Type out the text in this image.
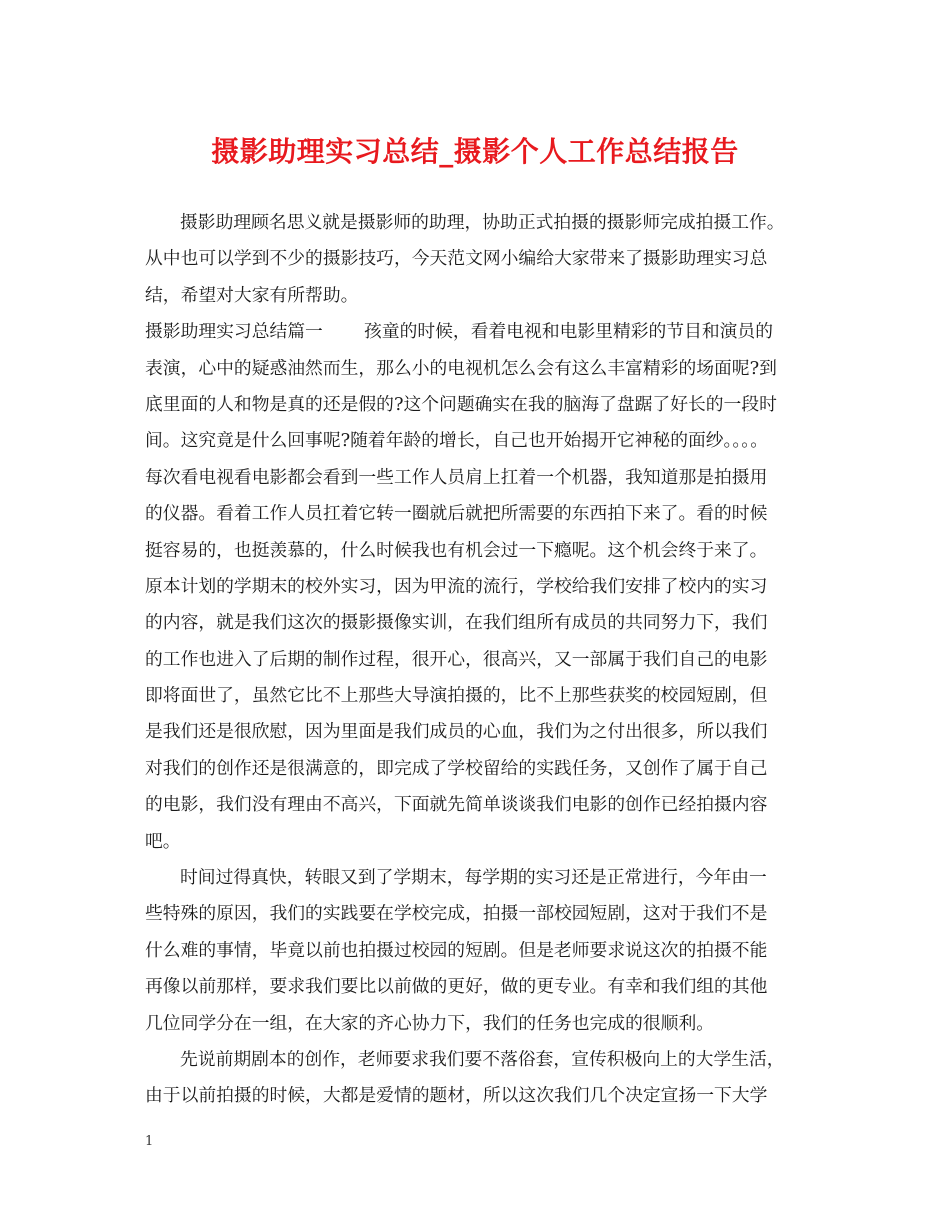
摄影助理实习总结_摄影个人工作总结报告
摄影助理顾名思义就是摄影师的助理，协助正式拍摄的摄影师完成拍摄工作。
从中也可以学到不少的摄影技巧，今天范文网小编给大家带来了摄影助理实习总
结，希望对大家有所帮助。
摄影助理实习总结篇一　　 孩童的时候，看着电视和电影里精彩的节目和演员的
表演，心中的疑惑油然而生，那么小的电视机怎么会有这么丰富精彩的场面呢?到
底里面的人和物是真的还是假的?这个问题确实在我的脑海了盘踞了好长的一段时
间。这究竟是什么回事呢?随着年龄的增长，自己也开始揭开它神秘的面纱。。。。
每次看电视看电影都会看到一些工作人员肩上扛着一个机器，我知道那是拍摄用
的仪器。看着工作人员扛着它转一圈就后就把所需要的东西拍下来了。看的时候
挺容易的，也挺羡慕的，什么时候我也有机会过一下瘾呢。这个机会终于来了。
原本计划的学期末的校外实习，因为甲流的流行，学校给我们安排了校内的实习
的内容，就是我们这次的摄影摄像实训，在我们组所有成员的共同努力下，我们
的工作也进入了后期的制作过程，很开心，很高兴，又一部属于我们自己的电影
即将面世了，虽然它比不上那些大导演拍摄的，比不上那些获奖的校园短剧，但
是我们还是很欣慰，因为里面是我们成员的心血，我们为之付出很多，所以我们
对我们的创作还是很满意的，即完成了学校留给的实践任务，又创作了属于自己
的电影，我们没有理由不高兴，下面就先简单谈谈我们电影的创作已经拍摄内容
吧。
时间过得真快，转眼又到了学期末，每学期的实习还是正常进行，今年由一
些特殊的原因，我们的实践要在学校完成，拍摄一部校园短剧，这对于我们不是
什么难的事情，毕竟以前也拍摄过校园的短剧。但是老师要求说这次的拍摄不能
再像以前那样，要求我们要比以前做的更好，做的更专业。有幸和我们组的其他
几位同学分在一组，在大家的齐心协力下，我们的任务也完成的很顺利。
先说前期剧本的创作，老师要求我们要不落俗套，宣传积极向上的大学生活，
由于以前拍摄的时候，大都是爱情的题材，所以这次我们几个决定宣扬一下大学
1
